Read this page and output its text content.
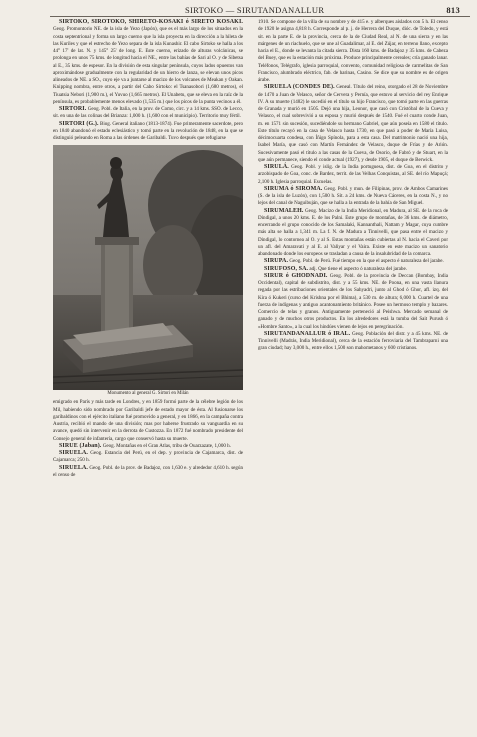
SIRTOKO — SIRUTANDANALLUR	813

SIRTOKO, SIROTOKO, SHIRETO-KOSAKI ó SIRETO KOSAKI. Geog. Promontorio NE. de la isla de Yezo (Japón), que es el más largo de los situados en la costa septentrional y forma un largo cuerno que la isla proyecta en la dirección a la hileta de las Kuriles y que el estrecho de Yezo separa de la isla Kunashir. El cabo Sirtoko se halla a los 44° 17' de lat. N. y 145° 25' de long. E. Este cuerno, erizado de alturas volcánicas, se prolonga en unos 75 kms. de longitud hacia el NE., entre las bahías de Sari al O. y de Sibetsa al E., 35 kms. de espesor. En la división de esta singular península, cuyos lados opuestos van aproximándose gradualmente con la regularidad de un hierro de lanza, se elevan unos picos alineados de NE. a SO., cuyo eje va a juntarse al macizo de los volcanes de Meakan y Oakan. Knipping nombra, entre otros, a partir del Cabo Sirtoko: el Tsanasobori (1,680 metros), el Tiuatsia Nebori (1,900 m.), el Yuvuo (1,665 metros). El Unabetu, que se eleva en la raíz de la península, es probablemente menos elevado (1,535 m.) que los picos de la punta vecinos a él.

SIRTORI. Geog. Pobl. de Italia, en la prov. de Como, circ. y a 14 kms. SSO. de Lecco, sit. en una de las colinas del Brianza: 1,000 h. (1,600 con el municipio). Territorio muy fértil.

SIRTORI (G.). Biog. General italiano (1813-1874). Fue primeramente sacerdote, pero en 1840 abandonó el estado eclesiástico y tomó parte en la revolución de 1848, en la que se distinguió peleando en Roma a las órdenes de Garibaldi. Tuvo después que refugiarse

Monumento al general G. Sirtori en Milán

emigrado en París y más tarde en Londres, y en 1859 formó parte de la célebre legión de los Mil, habiendo sido nombrado por Garibaldi jefe de estado mayor de ésta. Al fusionarse los garibaldinos con el ejército italiano fué promovido a general, y en 1866, en la campaña contra Austria, recibió el mando de una división; mas por haberse frustrado su vanguardia en su avance, quedó sin intervenir en la derrota de Custozza. En 1872 fué nombrado presidente del Consejo general de infantería, cargo que conservó hasta su muerte.

SIRUE (Jaban). Geog. Montañas en el Gran Atlas, tribu de Ouarzazate, 1,000 h.

SIRUELA. Geog. Estancia del Perú, en el dep. y provincia de Cajamarca, dist. de Cajamarca; 250 h.

SIRUELA. Geog. Pobl. de la prov. de Badajoz, con 1,630 e. y alrededor 4,610 h. según el censo de

1910. Se compone de la villa de su nombre y de 415 e. y alberques aislados con 5 h. El censo de 1920 le asigna 4,818 h. Corresponde al p. j. de Herrera del Duque, dióc. de Toledo, y está sit. en la parte E. de la provincia, cerca de la de Ciudad Real, al N. de una sierra y en las márgenes de un riachuelo, que se une al Guadalimar, al E. del Zújar, en terreno llano, excepto hacia el E., donde se levanta la citada sierra. Dista 160 kms. de Badajoz y 35 kms. de Cabeza del Buey, que es la estación más próxima. Produce principalmente cereales; cría ganado lanar. Teléfonos, Telégrafo, iglesia parroquial, convento, comunidad religiosa de carmelitas de San Francisco, alumbrado eléctrico, fab. de harinas, Casino. Se dice que su nombre es de origen árabe.

SIRUELA (CONDES DE). Geneal. Título del reino, otorgado el 28 de Noviembre de 1470 a Juan de Velasco, señor de Cervera y Pernía, que estuvo al servicio del rey Enrique IV. A su muerte (1482) le sucedió en el título su hijo Francisco, que tomó parte en las guerras de Granada y murió en 1505. Dejó una hija, Leonor, que casó con Cristóbal de la Cueva y Velasco, el cual sobrevivió a su esposa y murió después de 1540. Fué el cuarto conde Juan, m. en 1571 sin sucesión, sucediéndole su hermano Gabriel, que aún poseía en 1580 el título. Este título recayó en la casa de Velasco hasta 1730, en que pasó a poder de María Luisa, décimocuarta condesa, con Íñigo Spínola, para a esta casa. Del matrimonio nació una hija, Isabel María, que casó con Martín Fernández de Velasco, duque de Frías y de Arión. Sucesivamente pasó el título a las casas de la Cueva, de Osorio, de Fabró y de Stuart, en la que aún permanece, siendo el conde actual (1927), y desde 1905, el duque de Berwick.

SIRULÁ. Geog. Pobl. y islig. de la India portuguesa, dist. de Goa, en el distrito y arzobispado de Goa, conc. de Bardez, territ. de las Velhas Conquistas, al SE. del río Mapuçá; 2,100 h. Iglesia parroquial. Escuelas.

SIRUMA ó SIROMA. Geog. Pobl. y mun. de Filipinas, prov. de Ambos Camarines (S. de la isla de Luzón), con 1,500 h. Sit. a 24 kms. de Nueva Cáceres, en la costa N., y no lejos del canal de Naguibuján, que se halla a la entrada de la bahía de San Miguel.

SIRUMALEH. Geog. Macizo de la India Meridional, en Madura, al SE. de la roca de Dindigal, a unos 20 kms. E. de los Palni. Este grupo de montañas, de 36 kms. de diámetro, encerrando el grupo conocido de los Samalaki, Kannanthali, Nattam y Magar, cuya cumbre más alta se halla a 1,341 m. La f. N. de Madura a Tinnivelli, que pasa entre el macizo y Dindigal, lo contornea al O. y al S. Estas montañas están cubiertas al N. hacia el Caveri por un afl. del Amaravati y al E. al Valiyar y el Vaira. Existe en este macizo un sanatorio abandonado donde los europeos se trasladan a causa de la insalubridad de la comarca.

SIRUPA. Geog. Pobl. de Perú. Fué tiempo en la que el aspecto é naturaleza del jarabe.

SIRUFOSO, SA. adj. Que tiene el aspecto ó naturaleza del jarabe.

SIRUR ó GHODNADI. Geog. Pobl. de la provincia de Deccan (Bombay, India Occidental), capital de subdistrito, dist. y a 55 kms. NE. de Poona, en una vasta llanura regada por las estribaciones orientales de los Sahyadri, junto al Ghod ó Ghor, afl. izq. del Kira ó Kukeri (curso del Krishna por el Bhima), a 530 m. de altura; 6,000 h. Cuartel de una fuerza de indígenas y antiguo acantonamiento británico. Posee un hermoso templo y bazares. Comercio de telas y granos. Antiguamente perteneció al Peishwa. Mercado semanal de ganado y de muchos otros productos. En los alrededores está la tumba del Sait Purush ó «Hombre Santo», a la cual los hindúes vienen de lejos en peregrinación.

SIRUTANDANALLUR ó IRAL. Geog. Población del distr. y a 45 kms. NE. de Tinnivelli (Madrás, India Meridional), cerca de la estación ferroviaria del Tambraparni una gran ciudad; hay 3,000 h., entre ellos 1,500 son mahometanos y 600 cristianos.
